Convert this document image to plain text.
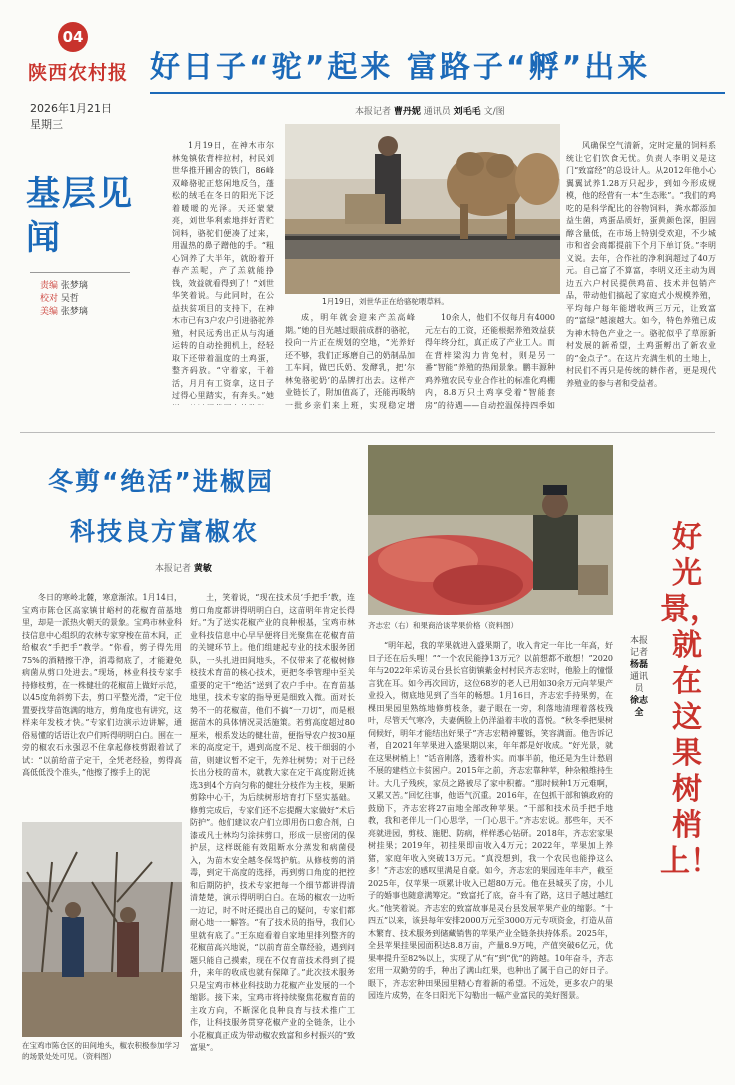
04
陕西农村报 好日子“驼”起来 富路子“孵”出来
2026年1月21日
星期三
本报记者 曹丹妮 通讯员 刘毛毛 文/图
基层见闻
责编 张梦璃
校对 吴哲
美编 张梦璃

1月19日，在神木市尔林兔镇依背梓拉村，村民刘世华推开圃舍的铁门，86峰双峰骆驼正悠闲地反刍，蓬松的绒毛在冬日的阳光下泛着暖暖的光泽。天还蒙蒙亮，刘世华利索地拌好青贮饲料，骆驼们便凑了过来，用温热的鼻子蹭他的手。“粗心饲养了大半年，就盼着开春产羔呢，产了羔就能挣钱，效益就看得到了！”刘世华笑着说。与此同时，在公益扶贫项目的支持下，在神木市已有3户农户引进骆驼养殖，村民远秀出正从与沟通运转的自动拴拥机上，经轻取下还带着温度的土鸡蛋，整齐码放。“守着家，干着活，月月有工资拿，这日子过得心里踏实，有奔头。”她

1月19日，刘世华正在给骆驼喂草料。

成，明年就会迎来产羔高峰期。”她的目光越过眼前成群的骆驼，投向一片正在规划的空地，“光养好还不够，我们正琢磨自己的奶制品加工车间，做巴氏奶、发酵乳，把‘尔林兔骆驼奶’的品牌打出去。这样产业链长了，附加值高了，还能再吸纳一批乡亲们来上班，实现稳定增

10余人，他们不仅每月有4000元左右的工资，还能根据养殖效益获得年终分红，真正成了产业工人。而在背梓梁沟力肯兔村，则是另一番“智能”养殖的热闹景象。鹏丰源种鸡养殖农民专业合作社的标准化鸡棚内，8.8万只土鸡享受着“智能套房”的待遇——自动控温保持四季如

风确保空气清新，定时定量的饲料系统让它们饮食无忧。负责人李明义是这门“致富经”的总设计人。从2012年他小心翼翼试养1.28万只起步，到如今形成规模，他的经营有一本“生态账”。“我们的鸡吃的是科学配比的谷物饲料，粪水都添加益生菌，鸡蛋品质好，蛋黄颜色深，胆固醇含量低，在市场上特别受欢迎，不少城市和省会商都提前下个月下单订货。”李明义说。去年，合作社的净利润超过了40万元。自己富了不算富，李明义还主动为周边五六户村民提供鸡苗、技术并包销产品，带动他们搞起了家庭式小规模养殖，平均每户每年能增收两三万元，让致富的“富绿”越滚越大。如今，特色养殖已成为神木特色产业之一。骆驼似乎了草原新村发展的新希望，土鸡蛋孵出了新农业的“金点子”。在这片充满生机的土地上，村民们不再只是传统的耕作者，更是现代养殖业的参与者和受益者。

冬剪“绝活”进椒园
科技良方富椒农
本报记者 黄敏

冬日的寒岭北麓，寒意渐浓。1月14日，宝鸡市陈仓区高家镇甘峪村的花椒育苗基地里，却是一派热火朝天的景象。宝鸡市林业科技信息中心组织的农林专家穿梭在苗木间，正给椒农“手把手”教学。“你看，剪子得先用75%的酒精擦干净，消毒彻底了，才能避免病菌从剪口处进去。”现场，林业科技专家手持修枝剪，在一株健壮的花椒苗上做好示范，以45度角斜剪下去，剪口平整光滑，“定干位置要找芽苗饱满的地方，剪角度也有讲究，这样来年发枝才快。”专家们边演示边讲解，通俗易懂的话语让农户们听得明明白白。围在一旁的椒农石永强忍不住拿起修枝剪跟着试了试：“以前给苗子定干，全凭老经验，剪得高高低低没个准头，”他擦了擦手上的泥

在宝鸡市陈仓区的田间地头，椒农积极参加学习的场景处处可见。（资料图）

土，笑着说，“现在技术员‘手把手’教，连剪口角度都讲得明明白白，这苗明年肯定长得好。”为了送实花椒产业的良种根基，宝鸡市林业科技信息中心早早便将目光聚焦在花椒育苗的关键环节上。他们组建起专业的技术服务团队，一头扎进田间地头，不仅带来了花椒树修枝技术育苗的核心技术，更把冬季管理中至关重要的定干“绝活”送到了农户手中。在育苗基地里，技术专家的指导更是细致入微。面对长势不一的花椒苗，他们不搞“一刀切”，而是根据苗木的具体情况灵活施策。若剪高度超过80厘米，根系发达的健壮苗，便指导农户按30厘米的高度定干，遇到高度不足、枝干细弱的小苗，则建议暂不定干，先养壮树势；对于已经长出分枝的苗木，就教大家在定干高度附近挑选3到4个方向匀称的健壮分枝作为主枝，果断剪除中心干，为后续树形培育打下坚实基础。修剪完成后，专家们还不忘提醒大家做好“术后防护”。他们建议农户们立即用伤口愈合剂，白漆或凡士林均匀涂抹剪口，形成一层密闭的保护层，这样既能有效阻断水分蒸发和病菌侵入，为苗木安全越冬保驾护航。从修枝剪的消毒，到定干高度的选择，再到剪口角度的把控和后期防护，技术专家把每一个细节都讲得清清楚楚，演示得明明白白。在场的椒农一边听一边记，时不时还提出自己的疑问，专家们都耐心地一一解答。“有了技术员的指导，我们心里就有底了。”王东庭看着自家地里排列整齐的花椒苗高兴地说，“以前育苗全靠经验，遇到问题只能自己摸索，现在不仅育苗技术得到了提升，来年的收成也就有保障了。”此次技术服务只是宝鸡市林业科技助力花椒产业发展的一个缩影。接下来，宝鸡市将持续聚焦花椒育苗的主攻方向，不断深化良种良育与技术推广工作，让科技服务贯穿花椒产业的全链条，让小小花椒真正成为带动椒农致富和乡村振兴的“致富果”。

齐志宏（右）和果商洽谈苹果价格（资料图）

“明年起，我的苹果就进入盛果期了，收入肯定一年比一年高，好日子还在后头哩！”“一个农民能挣13万元？以前想都不敢想！”2020年与2022年采访灵台县长官街镇紫金村村民齐志宏时，他脸上的憧憬言犹在耳。如今再次回访，这位68岁的老人已用如30余万元向苹果产业投入，彻底地见到了当年的畅想。1月16日，齐志宏手持果剪，在棵田果园里熟练地修剪枝条，妻子眼在一旁，利落地清理着落枝残叶，尽管天气寒冷，夫妻俩脸上仍洋溢着丰收的喜悦。“秋冬季把果树伺候好，明年才能结出好果子”齐志宏精神矍铄，笑容满面。他告诉记者，自2021年苹果进入盛果期以来，年年都是好收成。“好光景，就在这果树梢上！”话音刚落，透着朴实。而事半前，他还是为生计愁眉不展的建档立卡贫困户。2015年之前，齐志宏靠种苹，种杂粮维持生计。大几子残疾，家员之路被尽了家中积蓄。“那时候种1万元难啊，又累又苦。”回忆往事，他语气沉重。2016年，在包抓干部和镇政府的鼓励下，齐志宏将27亩地全部改种苹果。“干部和技术员手把手地教，我和老伴儿一门心思学，一门心思干。”齐志宏说。那些年，天不亮就进园，剪枝、施肥、防病，样样悉心钻研。2018年，齐志宏家果树挂果；2019年，初挂果即亩收入4万元；2022年，苹果加上养猪，家庭年收入突破13万元。“真没想到，我一个农民也能挣这么多！”齐志宏的感叹里满是自豪。如今，齐志宏的果园连年丰产，截至2025年，仅苹果一项累计收入已超80万元。他在县城买了房，小儿子的婚事也随意满筹定。“致富托了底，奋斗有了路，这日子越过越红火。”他笑着说。齐志宏的致富故事是灵台县发展苹果产业的缩影。“十四五”以来，该县每年安排2000万元至3000万元专项资金，打造从苗木繁育、技术服务到储藏销售的苹果产业全链条扶持体系。2025年，全县苹果挂果园面积达8.8万亩，产量8.9万吨，产值突破6亿元，优果率提升至82%以上，实现了从“有”到“优”的跨越。10年奋斗，齐志宏用一双勤劳的手，种出了满山红果，也种出了属于自己的好日子。眼下，齐志宏种田果园里精心育着新的希望。不远处，更多农户的果园连片成势，在冬日阳光下勾勒出一幅产业富民的美好图景。

好光景，就在这果树梢上！
本报记者 杨磊 通讯员 徐志全
